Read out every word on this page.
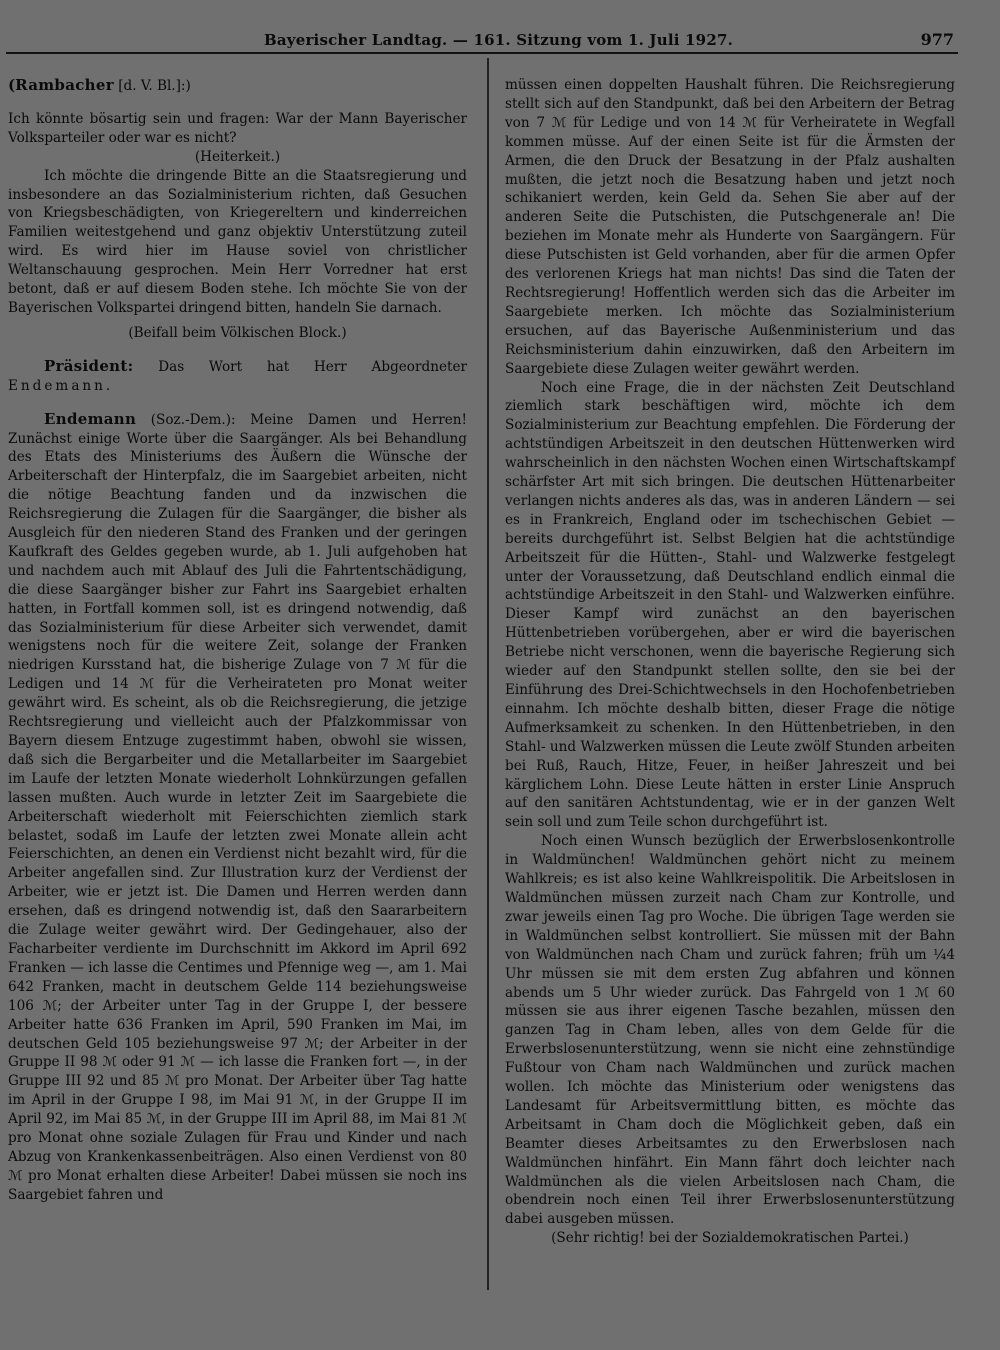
Bayerischer Landtag. — 161. Sitzung vom 1. Juli 1927.	977

(Rambacher [d. V. Bl.]:)

Ich könnte bösartig sein und fragen: War der Mann Bayerischer Volksparteiler oder war es nicht?

(Heiterkeit.)

Ich möchte die dringende Bitte an die Staatsregierung und insbesondere an das Sozialministerium richten, daß Gesuchen von Kriegsbeschädigten, von Kriegereltern und kinderreichen Familien weitestgehend und ganz objektiv Unterstützung zuteil wird. Es wird hier im Hause soviel von christlicher Weltanschauung gesprochen. Mein Herr Vorredner hat erst betont, daß er auf diesem Boden stehe. Ich möchte Sie von der Bayerischen Volkspartei dringend bitten, handeln Sie darnach.

(Beifall beim Völkischen Block.)

Präsident: Das Wort hat Herr Abgeordneter Endemann.

Endemann (Soz.-Dem.): Meine Damen und Herren! Zunächst einige Worte über die Saargänger. Als bei Behandlung des Etats des Ministeriums des Äußern die Wünsche der Arbeiterschaft der Hinterpfalz, die im Saargebiet arbeiten, nicht die nötige Beachtung fanden und da inzwischen die Reichsregierung die Zulagen für die Saargänger, die bisher als Ausgleich für den niederen Stand des Franken und der geringen Kaufkraft des Geldes gegeben wurde, ab 1. Juli aufgehoben hat und nachdem auch mit Ablauf des Juli die Fahrtentschädigung, die diese Saargänger bisher zur Fahrt ins Saargebiet erhalten hatten, in Fortfall kommen soll, ist es dringend notwendig, daß das Sozialministerium für diese Arbeiter sich verwendet, damit wenigstens noch für die weitere Zeit, solange der Franken niedrigen Kursstand hat, die bisherige Zulage von 7 ℳ für die Ledigen und 14 ℳ für die Verheirateten pro Monat weiter gewährt wird. Es scheint, als ob die Reichsregierung, die jetzige Rechtsregierung und vielleicht auch der Pfalzkommissar von Bayern diesem Entzuge zugestimmt haben, obwohl sie wissen, daß sich die Bergarbeiter und die Metallarbeiter im Saargebiet im Laufe der letzten Monate wiederholt Lohnkürzungen gefallen lassen mußten. Auch wurde in letzter Zeit im Saargebiete die Arbeiterschaft wiederholt mit Feierschichten ziemlich stark belastet, sodaß im Laufe der letzten zwei Monate allein acht Feierschichten, an denen ein Verdienst nicht bezahlt wird, für die Arbeiter angefallen sind. Zur Illustration kurz der Verdienst der Arbeiter, wie er jetzt ist. Die Damen und Herren werden dann ersehen, daß es dringend notwendig ist, daß den Saararbeitern die Zulage weiter gewährt wird. Der Gedingehauer, also der Facharbeiter verdiente im Durchschnitt im Akkord im April 692 Franken — ich lasse die Centimes und Pfennige weg —, am 1. Mai 642 Franken, macht in deutschem Gelde 114 beziehungsweise 106 ℳ; der Arbeiter unter Tag in der Gruppe I, der bessere Arbeiter hatte 636 Franken im April, 590 Franken im Mai, im deutschen Geld 105 beziehungsweise 97 ℳ; der Arbeiter in der Gruppe II 98 ℳ oder 91 ℳ — ich lasse die Franken fort —, in der Gruppe III 92 und 85 ℳ pro Monat. Der Arbeiter über Tag hatte im April in der Gruppe I 98, im Mai 91 ℳ, in der Gruppe II im April 92, im Mai 85 ℳ, in der Gruppe III im April 88, im Mai 81 ℳ pro Monat ohne soziale Zulagen für Frau und Kinder und nach Abzug von Krankenkassenbeiträgen. Also einen Verdienst von 80 ℳ pro Monat erhalten diese Arbeiter! Dabei müssen sie noch ins Saargebiet fahren und

müssen einen doppelten Haushalt führen. Die Reichsregierung stellt sich auf den Standpunkt, daß bei den Arbeitern der Betrag von 7 ℳ für Ledige und von 14 ℳ für Verheiratete in Wegfall kommen müsse. Auf der einen Seite ist für die Ärmsten der Armen, die den Druck der Besatzung in der Pfalz aushalten mußten, die jetzt noch die Besatzung haben und jetzt noch schikaniert werden, kein Geld da. Sehen Sie aber auf der anderen Seite die Putschisten, die Putschgenerale an! Die beziehen im Monate mehr als Hunderte von Saargängern. Für diese Putschisten ist Geld vorhanden, aber für die armen Opfer des verlorenen Kriegs hat man nichts! Das sind die Taten der Rechtsregierung! Hoffentlich werden sich das die Arbeiter im Saargebiete merken. Ich möchte das Sozialministerium ersuchen, auf das Bayerische Außenministerium und das Reichsministerium dahin einzuwirken, daß den Arbeitern im Saargebiete diese Zulagen weiter gewährt werden.

Noch eine Frage, die in der nächsten Zeit Deutschland ziemlich stark beschäftigen wird, möchte ich dem Sozialministerium zur Beachtung empfehlen. Die Förderung der achtstündigen Arbeitszeit in den deutschen Hüttenwerken wird wahrscheinlich in den nächsten Wochen einen Wirtschaftskampf schärfster Art mit sich bringen. Die deutschen Hüttenarbeiter verlangen nichts anderes als das, was in anderen Ländern — sei es in Frankreich, England oder im tschechischen Gebiet — bereits durchgeführt ist. Selbst Belgien hat die achtstündige Arbeitszeit für die Hütten-, Stahl- und Walzwerke festgelegt unter der Voraussetzung, daß Deutschland endlich einmal die achtstündige Arbeitszeit in den Stahl- und Walzwerken einführe. Dieser Kampf wird zunächst an den bayerischen Hüttenbetrieben vorübergehen, aber er wird die bayerischen Betriebe nicht verschonen, wenn die bayerische Regierung sich wieder auf den Standpunkt stellen sollte, den sie bei der Einführung des Drei-Schichtwechsels in den Hochofenbetrieben einnahm. Ich möchte deshalb bitten, dieser Frage die nötige Aufmerksamkeit zu schenken. In den Hüttenbetrieben, in den Stahl- und Walzwerken müssen die Leute zwölf Stunden arbeiten bei Ruß, Rauch, Hitze, Feuer, in heißer Jahreszeit und bei kärglichem Lohn. Diese Leute hätten in erster Linie Anspruch auf den sanitären Achtstundentag, wie er in der ganzen Welt sein soll und zum Teile schon durchgeführt ist.

Noch einen Wunsch bezüglich der Erwerbslosenkontrolle in Waldmünchen! Waldmünchen gehört nicht zu meinem Wahlkreis; es ist also keine Wahlkreispolitik. Die Arbeitslosen in Waldmünchen müssen zurzeit nach Cham zur Kontrolle, und zwar jeweils einen Tag pro Woche. Die übrigen Tage werden sie in Waldmünchen selbst kontrolliert. Sie müssen mit der Bahn von Waldmünchen nach Cham und zurück fahren; früh um ¼4 Uhr müssen sie mit dem ersten Zug abfahren und können abends um 5 Uhr wieder zurück. Das Fahrgeld von 1 ℳ 60 müssen sie aus ihrer eigenen Tasche bezahlen, müssen den ganzen Tag in Cham leben, alles von dem Gelde für die Erwerbslosenunterstützung, wenn sie nicht eine zehnstündige Fußtour von Cham nach Waldmünchen und zurück machen wollen. Ich möchte das Ministerium oder wenigstens das Landesamt für Arbeitsvermittlung bitten, es möchte das Arbeitsamt in Cham doch die Möglichkeit geben, daß ein Beamter dieses Arbeitsamtes zu den Erwerbslosen nach Waldmünchen hinfährt. Ein Mann fährt doch leichter nach Waldmünchen als die vielen Arbeitslosen nach Cham, die obendrein noch einen Teil ihrer Erwerbslosenunterstützung dabei ausgeben müssen.

(Sehr richtig! bei der Sozialdemokratischen Partei.)
